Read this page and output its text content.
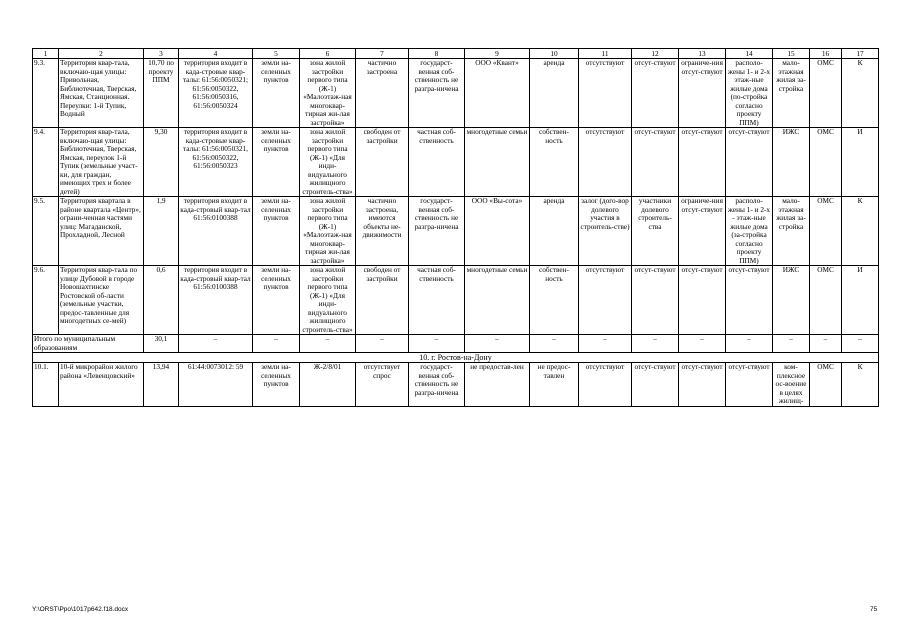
1	2	3	4	5	6	7	8	9	10	11	12	13	14	15	16	17
9.3.	Территория квар-тала, включаю-щая улицы: Привольная, Библиотечная, Тверская, Ямская, Станционная. Переулки: 1-й Тупик, Водный	10,70 по проекту ППМ	территория входит в када-стровые квар-талы: 61:56:0050321; 61:56:0050322, 61:56:0050316, 61:56:0050324	земли на-селенных пунктов	зона жилой застройки первого типа (Ж-1) «Малоэтаж-ная многоквар-тирная жи-лая застройка»	частично застроена	государст-венная соб-ственность не разгра-ничена	ООО «Квант»	аренда	отсутствуют	отсут-ствуют	ограниче-ния отсут-ствуют	располо-жены 1- и 2-х этаж-ные жилые дома (по-стройка согласно проекту ППМ)	мало-этажная жилая за-стройка	ОМС	К
9.4.	Территория квар-тала, включаю-щая улицы: Библиотечная, Тверская, Ямская, переулок 1-й Тупик (земельные участ-ки, для граждан, имеющих трех и более детей)	9,30	территория входит в када-стровые квар-талы: 61:56:0050321, 61:56:0050322, 61:56:0050323	земли на-селенных пунктов	зона жилой застройки первого типа (Ж-1) «Для инди-видуального жилищного строитель-ства»	свободен от застройки	частная соб-ственность	многодетные семьи	собствен-ность	отсутствуют	отсут-ствуют	отсут-ствуют	отсут-ствуют	ИЖС	ОМС	И
9.5.	Территория квартала в районе квартала «Центр», ограни-ченная частями улиц: Магаданской, Прохладной, Лесной	1,9	территория входит в када-стровый квар-тал 61:56:0100388	земли на-селенных пунктов	зона жилой застройки первого типа (Ж-1) «Малоэтаж-ная многоквар-тирная жи-лая застройка»	частично застроена, имеются объекты не-движимости	государст-венная соб-ственность не разгра-ничена	ООО «Вы-сота»	аренда	залог (дого-вор долевого участия в строитель-стве)	участники долевого строитель-ства	ограниче-ния отсут-ствуют	располо-жены 1- и 2-х - этаж-ные жилые дома (за-стройка согласно проекту ППМ)	мало-этажная жилая за-стройка	ОМС	К
9.6.	Территория квар-тала по улице Дубовой в городе Новошахтинске Ростовской об-ласти (земельные участки, предос-тавленные для многодетных се-мей)	0,6	территория входит в када-стровый квар-тал 61:56:0100388	земли на-селенных пунктов	зона жилой застройки первого типа (Ж-1) «Для инди-видуального жилищного строитель-ства»	свободен от застройки	частная соб-ственность	многодетные семьи	собствен-ность	отсутствуют	отсут-ствуют	отсут-ствуют	отсут-ствуют	ИЖС	ОМС	И
Итого по муниципальным образованиям		30,1	–	–	–	–	–	–	–	–	–	–	–	–	–	–
10. г. Ростов-на-Дону																
10.1.	10-й микрорайон жилого района «Левенцовский»	13,94	61:44:0073012: 59	земли на-селенных пунктов	Ж-2/8/01	отсутствует спрос	государст-венная соб-ственность не разгра-ничена	не предостав-лен	не предос-тавлен	отсутствуют	отсут-ствуют	отсут-ствуют	отсут-ствуют	ком-плексное ос-воение в целях жилищ-	ОМС	К
Y:\ORST\Ppo\1017p642.f18.docx	75
